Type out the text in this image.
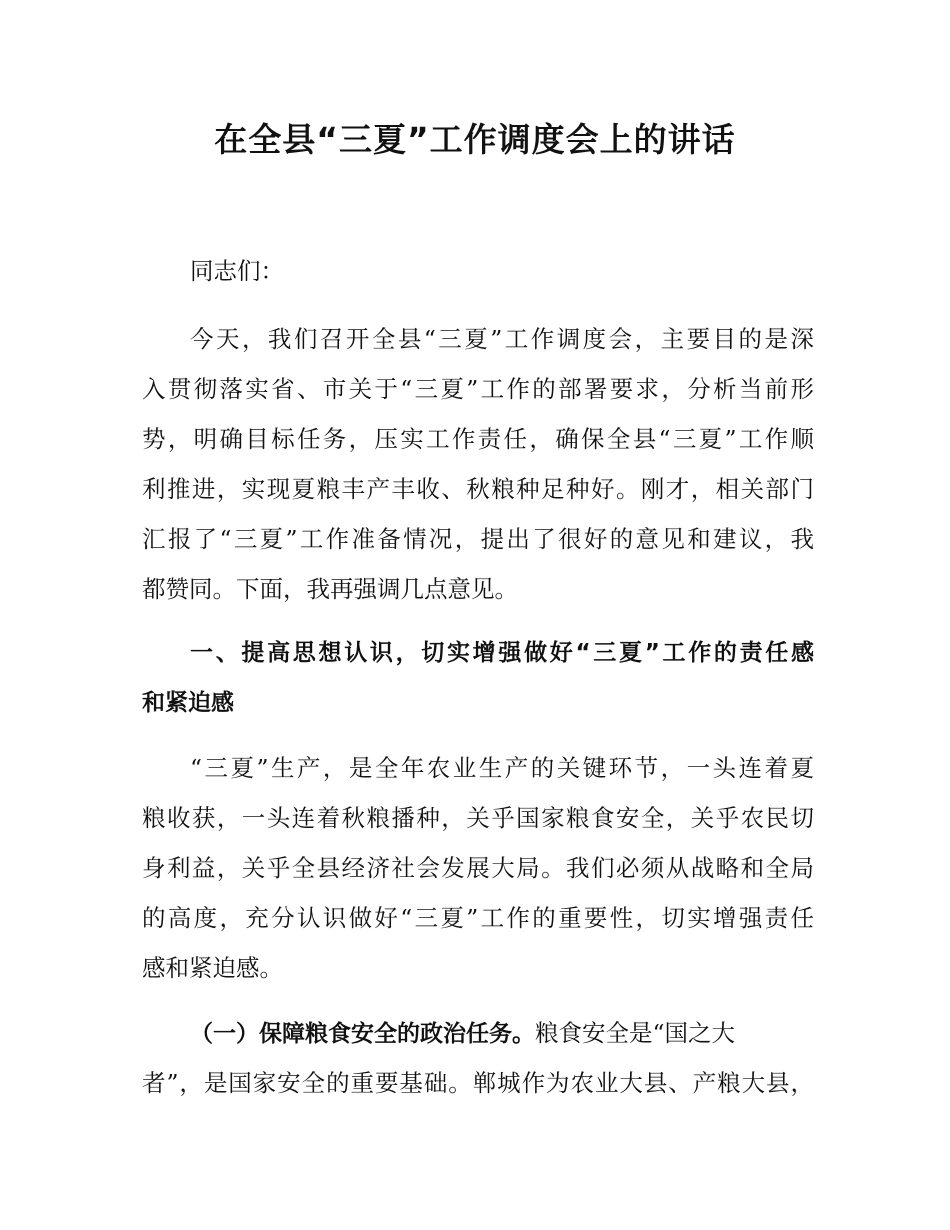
在全县“三夏”工作调度会上的讲话
同志们：
今天，我们召开全县“三夏”工作调度会，主要目的是深
入贯彻落实省、市关于“三夏”工作的部署要求，分析当前形
势，明确目标任务，压实工作责任，确保全县“三夏”工作顺
利推进，实现夏粮丰产丰收、秋粮种足种好。刚才，相关部门
汇报了“三夏”工作准备情况，提出了很好的意见和建议，我
都赞同。下面，我再强调几点意见。
一、提高思想认识，切实增强做好“三夏”工作的责任感
和紧迫感
“三夏”生产，是全年农业生产的关键环节，一头连着夏
粮收获，一头连着秋粮播种，关乎国家粮食安全，关乎农民切
身利益，关乎全县经济社会发展大局。我们必须从战略和全局
的高度，充分认识做好“三夏”工作的重要性，切实增强责任
感和紧迫感。
（一）保障粮食安全的政治任务。粮食安全是“国之大
者”，是国家安全的重要基础。郸城作为农业大县、产粮大县，
